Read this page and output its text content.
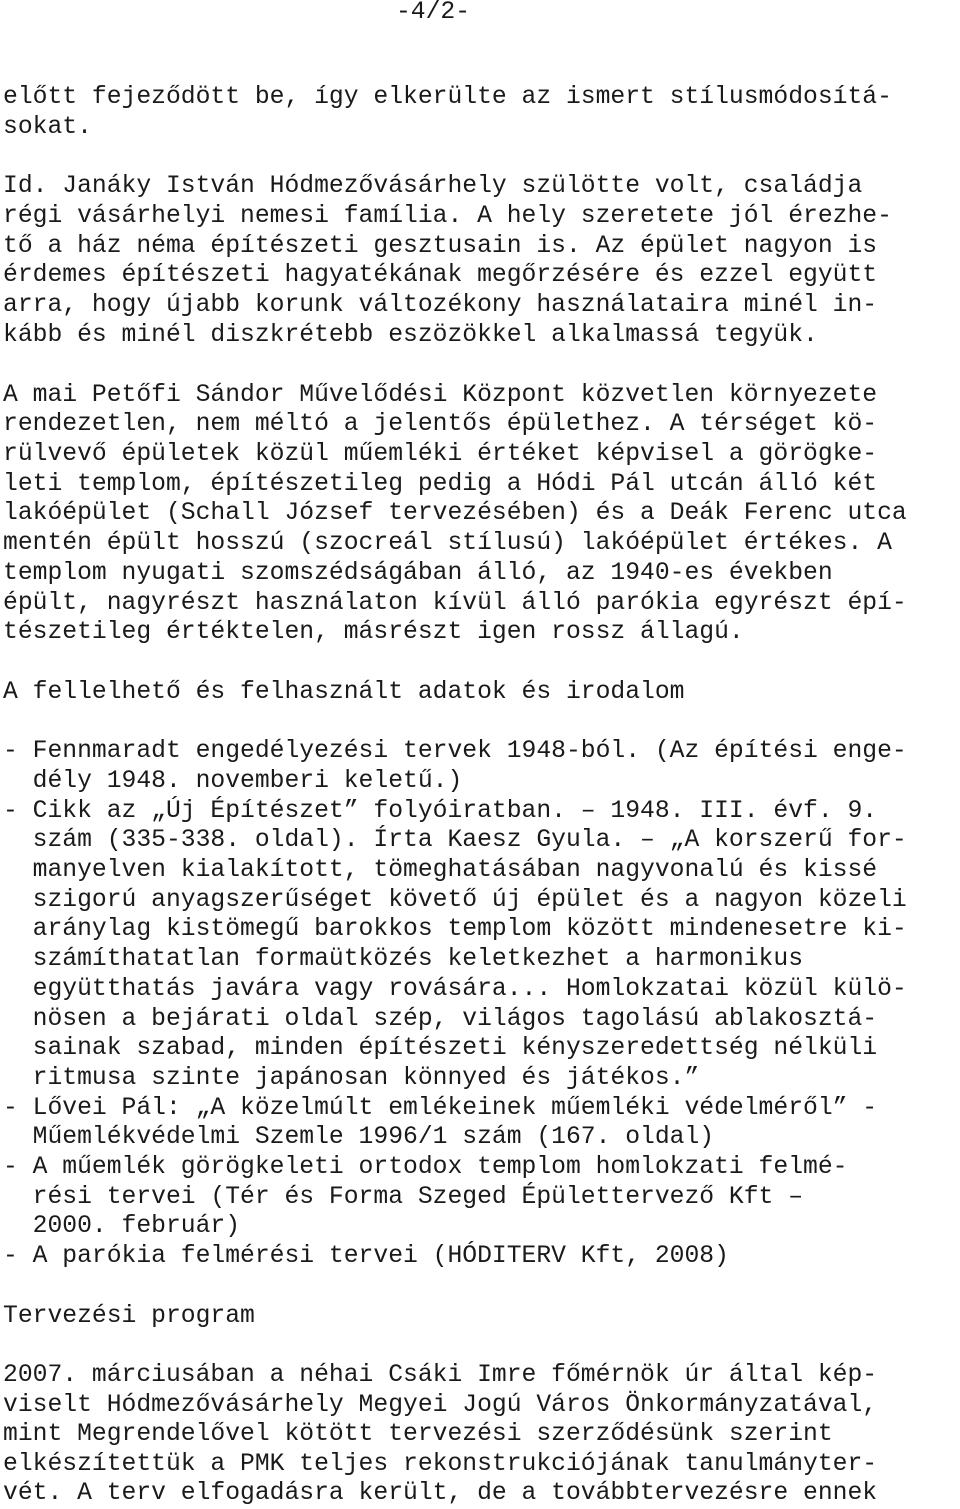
-4/2-
előtt fejeződött be, így elkerülte az ismert stílusmódosítá-
sokat.
Id. Janáky István Hódmezővásárhely szülötte volt, családja
régi vásárhelyi nemesi família. A hely szeretete jól érezhe-
tő a ház néma építészeti gesztusain is. Az épület nagyon is
érdemes építészeti hagyatékának megőrzésére és ezzel együtt
arra, hogy újabb korunk változékony használataira minél in-
kább és minél diszkrétebb eszözökkel alkalmassá tegyük.
A mai Petőfi Sándor Művelődési Központ közvetlen környezete
rendezetlen, nem méltó a jelentős épülethez. A térséget kö-
rülvevő épületek közül műemléki értéket képvisel a görögke-
leti templom, építészetileg pedig a Hódi Pál utcán álló két
lakóépület (Schall József tervezésében) és a Deák Ferenc utca
mentén épült hosszú (szocreál stílusú) lakóépület értékes. A
templom nyugati szomszédságában álló, az 1940-es években
épült, nagyrészt használaton kívül álló parókia egyrészt épí-
tészetileg értéktelen, másrészt igen rossz állagú.
A fellelhető és felhasznált adatok és irodalom
- Fennmaradt engedélyezési tervek 1948-ból. (Az építési enge-
dély 1948. novemberi keletű.)
- Cikk az „Új Építészet” folyóiratban. – 1948. III. évf. 9.
szám (335-338. oldal). Írta Kaesz Gyula. – „A korszerű for-
manyelven kialakított, tömeghatásában nagyvonalú és kissé
szigorú anyagszerűséget követő új épület és a nagyon közeli
aránylag kistömegű barokkos templom között mindenesetre ki-
számíthatatlan formaütközés keletkezhet a harmonikus
együtthatás javára vagy rovására... Homlokzatai közül külö-
nösen a bejárati oldal szép, világos tagolású ablakosztá-
sainak szabad, minden építészeti kényszeredettség nélküli
ritmusa szinte japánosan könnyed és játékos.”
- Lővei Pál: „A közelmúlt emlékeinek műemléki védelméről” -
Műemlékvédelmi Szemle 1996/1 szám (167. oldal)
- A műemlék görögkeleti ortodox templom homlokzati felmé-
rési tervei (Tér és Forma Szeged Épülettervező Kft –
2000. február)
- A parókia felmérési tervei (HÓDITERV Kft, 2008)
Tervezési program
2007. márciusában a néhai Csáki Imre főmérnök úr által kép-
viselt Hódmezővásárhely Megyei Jogú Város Önkormányzatával,
mint Megrendelővel kötött tervezési szerződésünk szerint
elkészítettük a PMK teljes rekonstrukciójának tanulmányter-
vét. A terv elfogadásra került, de a továbbtervezésre ennek
